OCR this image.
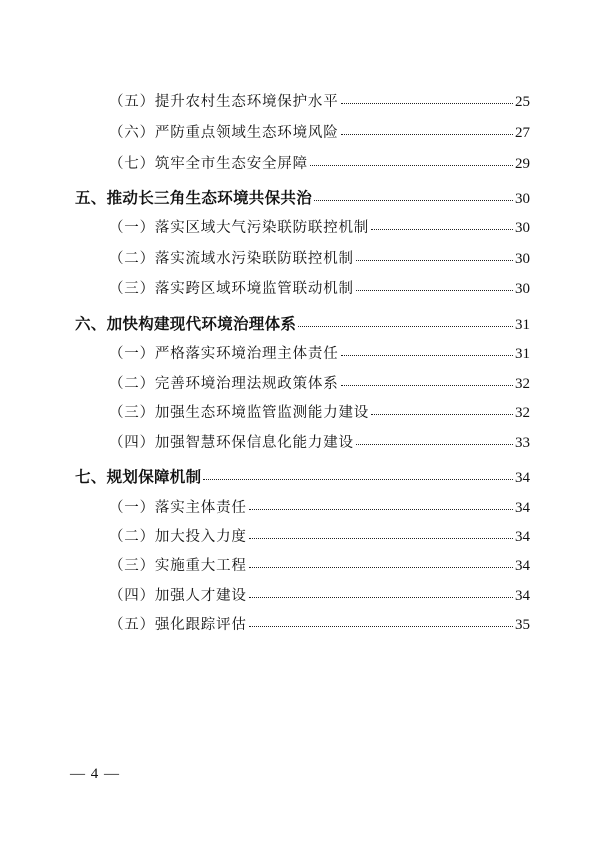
（五）提升农村生态环境保护水平	25
（六）严防重点领域生态环境风险	27
（七）筑牢全市生态安全屏障	29
五、推动长三角生态环境共保共治	30
（一）落实区域大气污染联防联控机制	30
（二）落实流域水污染联防联控机制	30
（三）落实跨区域环境监管联动机制	30
六、加快构建现代环境治理体系	31
（一）严格落实环境治理主体责任	31
（二）完善环境治理法规政策体系	32
（三）加强生态环境监管监测能力建设	32
（四）加强智慧环保信息化能力建设	33
七、规划保障机制	34
（一）落实主体责任	34
（二）加大投入力度	34
（三）实施重大工程	34
（四）加强人才建设	34
（五）强化跟踪评估	35
— 4 —
